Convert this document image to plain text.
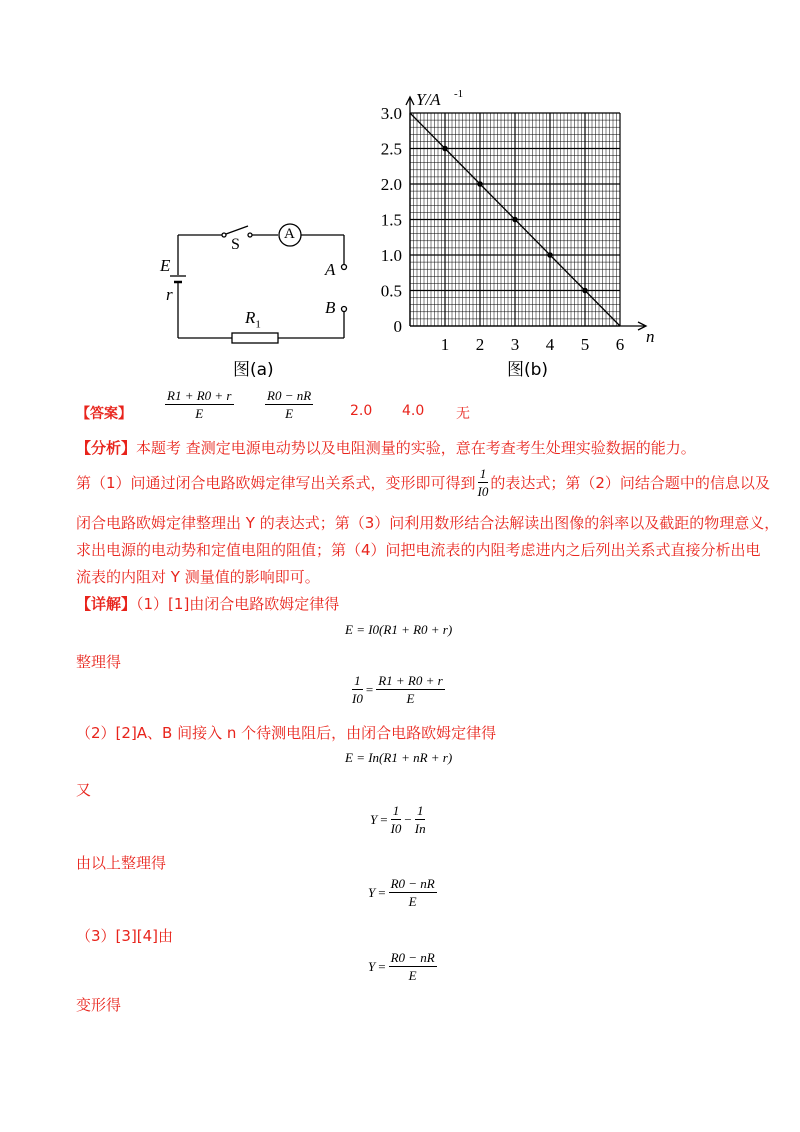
S
A
E
r
A
B
$R_1$
图(a)
3.0
2.5
2.0
1.5
1.0
0.5
0
1 2 3 4 5 6
Y/A -1
n
图(b)
【答案】	$\frac{R1 + R0 + r}{E} \frac{R0 - nR}{E}$	2.0 4.0 无
【分析】本题考 查测定电源电动势以及电阻测量的实验，意在考查考生处理实验数据的能力。
第（1）问通过闭合电路欧姆定律写出关系式，变形即可得到 $\frac{1}{I0}$ 的表达式；第（2）问结合题中的信息以及
闭合电路欧姆定律整理出 Y 的表达式；第（3）问利用数形结合法解读出图像的斜率以及截距的物理意义，
求出电源的电动势和定值电阻的阻值；第（4）问把电流表的内阻考虑进内之后列出关系式直接分析出电
流表的内阻对 Y 测量值的影响即可。
【详解】（1）[1]由闭合电路欧姆定律得
E = I0(R1 + R0 + r)
整理得
$\frac{1}{I0} = \frac{R1 + R0 + r}{E}$
（2）[2]A、B 间接入 n 个待测电阻后，由闭合电路欧姆定律得
E = In(R1 + nR + r)
又
$Y = \frac{1}{I0} - \frac{1}{In}$
由以上整理得
$Y = \frac{R0 - nR}{E}$
（3）[3][4]由
$Y = \frac{R0 - nR}{E}$
变形得
